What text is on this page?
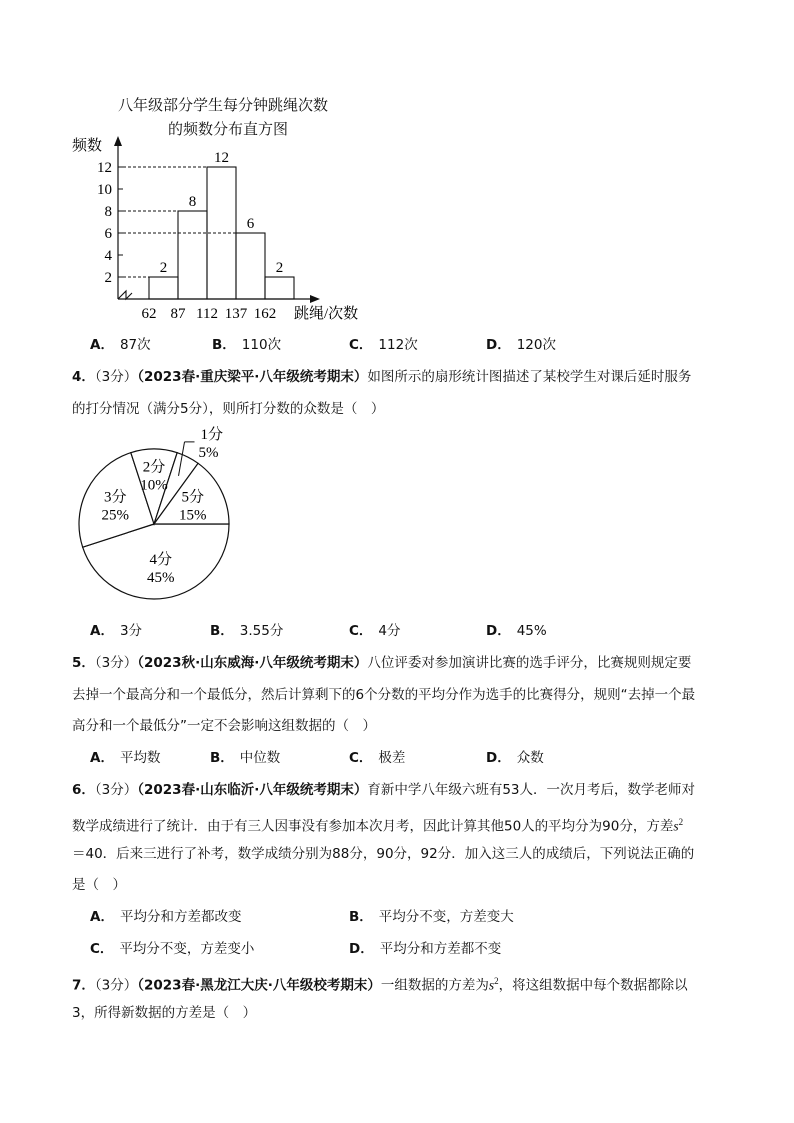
八年级部分学生每分钟跳绳次数
的频数分布直方图
频数
跳绳/次数
2
4
6
8
10
12
2
8
12
6
2
62 87 112 137 162
A． 87次	B． 110次	C． 112次	D． 120次
4．（3分）（2023春·重庆梁平·八年级统考期末）如图所示的扇形统计图描述了某校学生对课后延时服务
的打分情况（满分5分），则所打分数的众数是（　）
4分
45%
3分
25%
2分
10%
1分
5%
5分
15%
A． 3分	B． 3.55分	C． 4分	D． 45%
5．（3分）（2023秋·山东威海·八年级统考期末）八位评委对参加演讲比赛的选手评分，比赛规则规定要
去掉一个最高分和一个最低分，然后计算剩下的6个分数的平均分作为选手的比赛得分，规则“去掉一个最
高分和一个最低分”一定不会影响这组数据的（　）
A． 平均数	B． 中位数	C． 极差	D． 众数
6．（3分）（2023春·山东临沂·八年级统考期末）育新中学八年级六班有53人．一次月考后，数学老师对
数学成绩进行了统计．由于有三人因事没有参加本次月考，因此计算其他50人的平均分为90分，方差$s^2$
＝40．后来三进行了补考，数学成绩分别为88分，90分，92分．加入这三人的成绩后，下列说法正确的
是（　）
A． 平均分和方差都改变	B． 平均分不变，方差变大
C． 平均分不变，方差变小	D． 平均分和方差都不变
7．（3分）（2023春·黑龙江大庆·八年级校考期末）一组数据的方差为$s^2$，将这组数据中每个数据都除以
3，所得新数据的方差是（　）
